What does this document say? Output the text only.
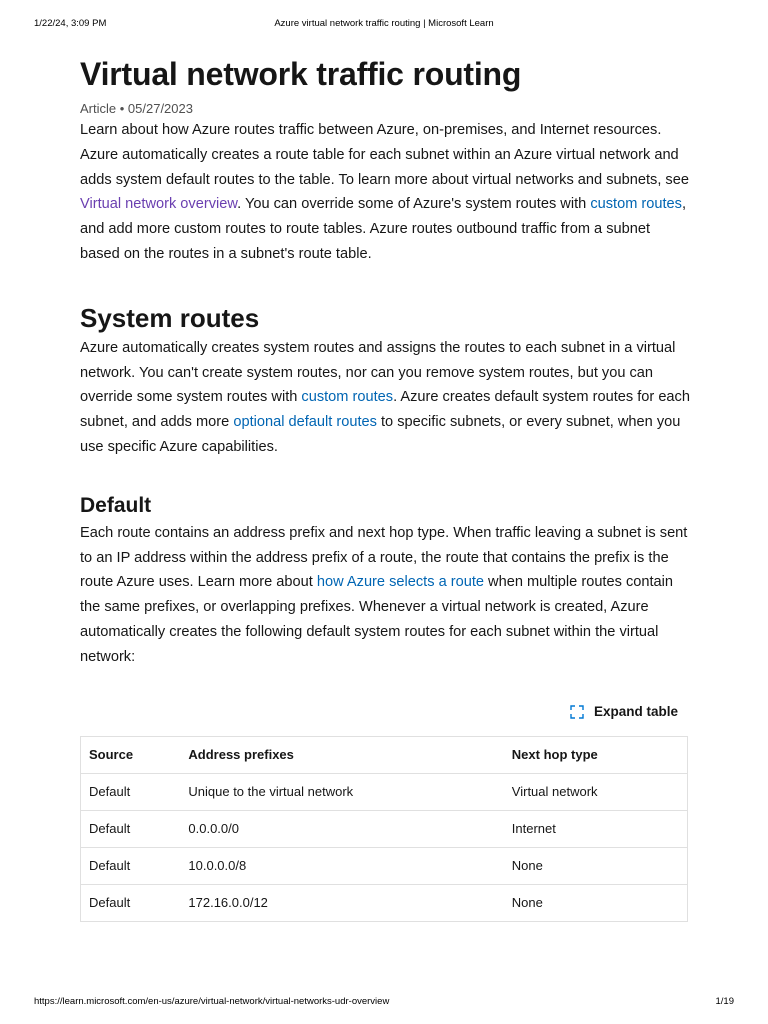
1/22/24, 3:09 PM	Azure virtual network traffic routing | Microsoft Learn
Virtual network traffic routing
Article • 05/27/2023

Learn about how Azure routes traffic between Azure, on-premises, and Internet resources. Azure automatically creates a route table for each subnet within an Azure virtual network and adds system default routes to the table. To learn more about virtual networks and subnets, see Virtual network overview. You can override some of Azure's system routes with custom routes, and add more custom routes to route tables. Azure routes outbound traffic from a subnet based on the routes in a subnet's route table.

System routes

Azure automatically creates system routes and assigns the routes to each subnet in a virtual network. You can't create system routes, nor can you remove system routes, but you can override some system routes with custom routes. Azure creates default system routes for each subnet, and adds more optional default routes to specific subnets, or every subnet, when you use specific Azure capabilities.

Default

Each route contains an address prefix and next hop type. When traffic leaving a subnet is sent to an IP address within the address prefix of a route, the route that contains the prefix is the route Azure uses. Learn more about how Azure selects a route when multiple routes contain the same prefixes, or overlapping prefixes. Whenever a virtual network is created, Azure automatically creates the following default system routes for each subnet within the virtual network:

Expand table
Source	Address prefixes	Next hop type
Default	Unique to the virtual network	Virtual network
Default	0.0.0.0/0	Internet
Default	10.0.0.0/8	None
Default	172.16.0.0/12	None
https://learn.microsoft.com/en-us/azure/virtual-network/virtual-networks-udr-overview	1/19
